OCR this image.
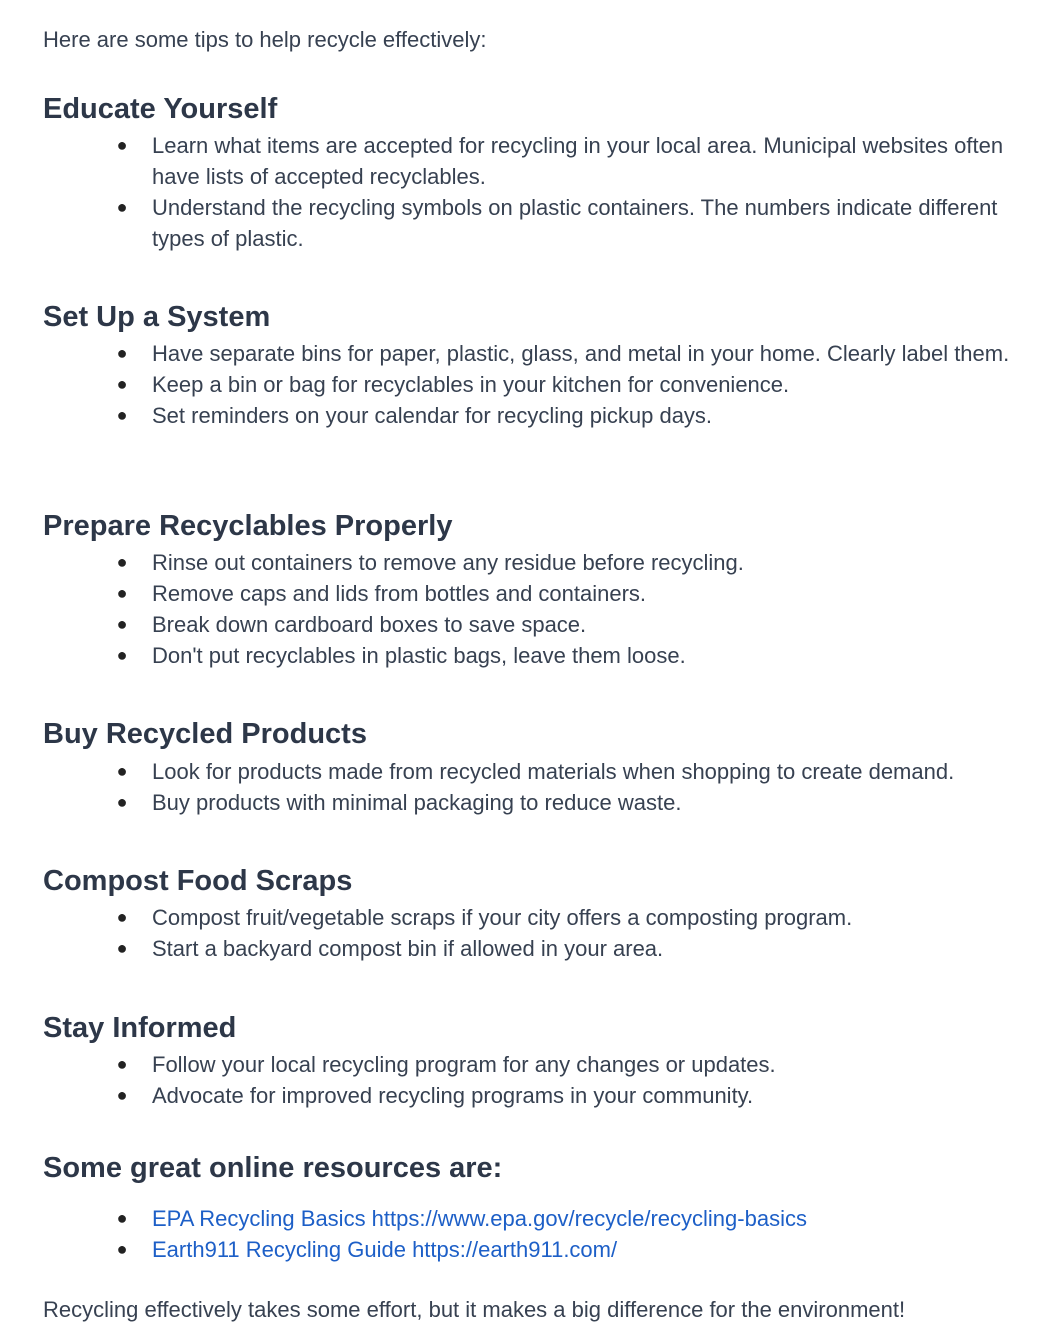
Here are some tips to help recycle effectively:

Educate Yourself
● Learn what items are accepted for recycling in your local area. Municipal websites often have lists of accepted recyclables.
● Understand the recycling symbols on plastic containers. The numbers indicate different types of plastic.
Set Up a System
● Have separate bins for paper, plastic, glass, and metal in your home. Clearly label them.
● Keep a bin or bag for recyclables in your kitchen for convenience.
● Set reminders on your calendar for recycling pickup days.
Prepare Recyclables Properly
● Rinse out containers to remove any residue before recycling.
● Remove caps and lids from bottles and containers.
● Break down cardboard boxes to save space.
● Don't put recyclables in plastic bags, leave them loose.
Buy Recycled Products
● Look for products made from recycled materials when shopping to create demand.
● Buy products with minimal packaging to reduce waste.
Compost Food Scraps
● Compost fruit/vegetable scraps if your city offers a composting program.
● Start a backyard compost bin if allowed in your area.
Stay Informed
● Follow your local recycling program for any changes or updates.
● Advocate for improved recycling programs in your community.
Some great online resources are:
● EPA Recycling Basics https://www.epa.gov/recycle/recycling-basics
● Earth911 Recycling Guide https://earth911.com/

Recycling effectively takes some effort, but it makes a big difference for the environment!
